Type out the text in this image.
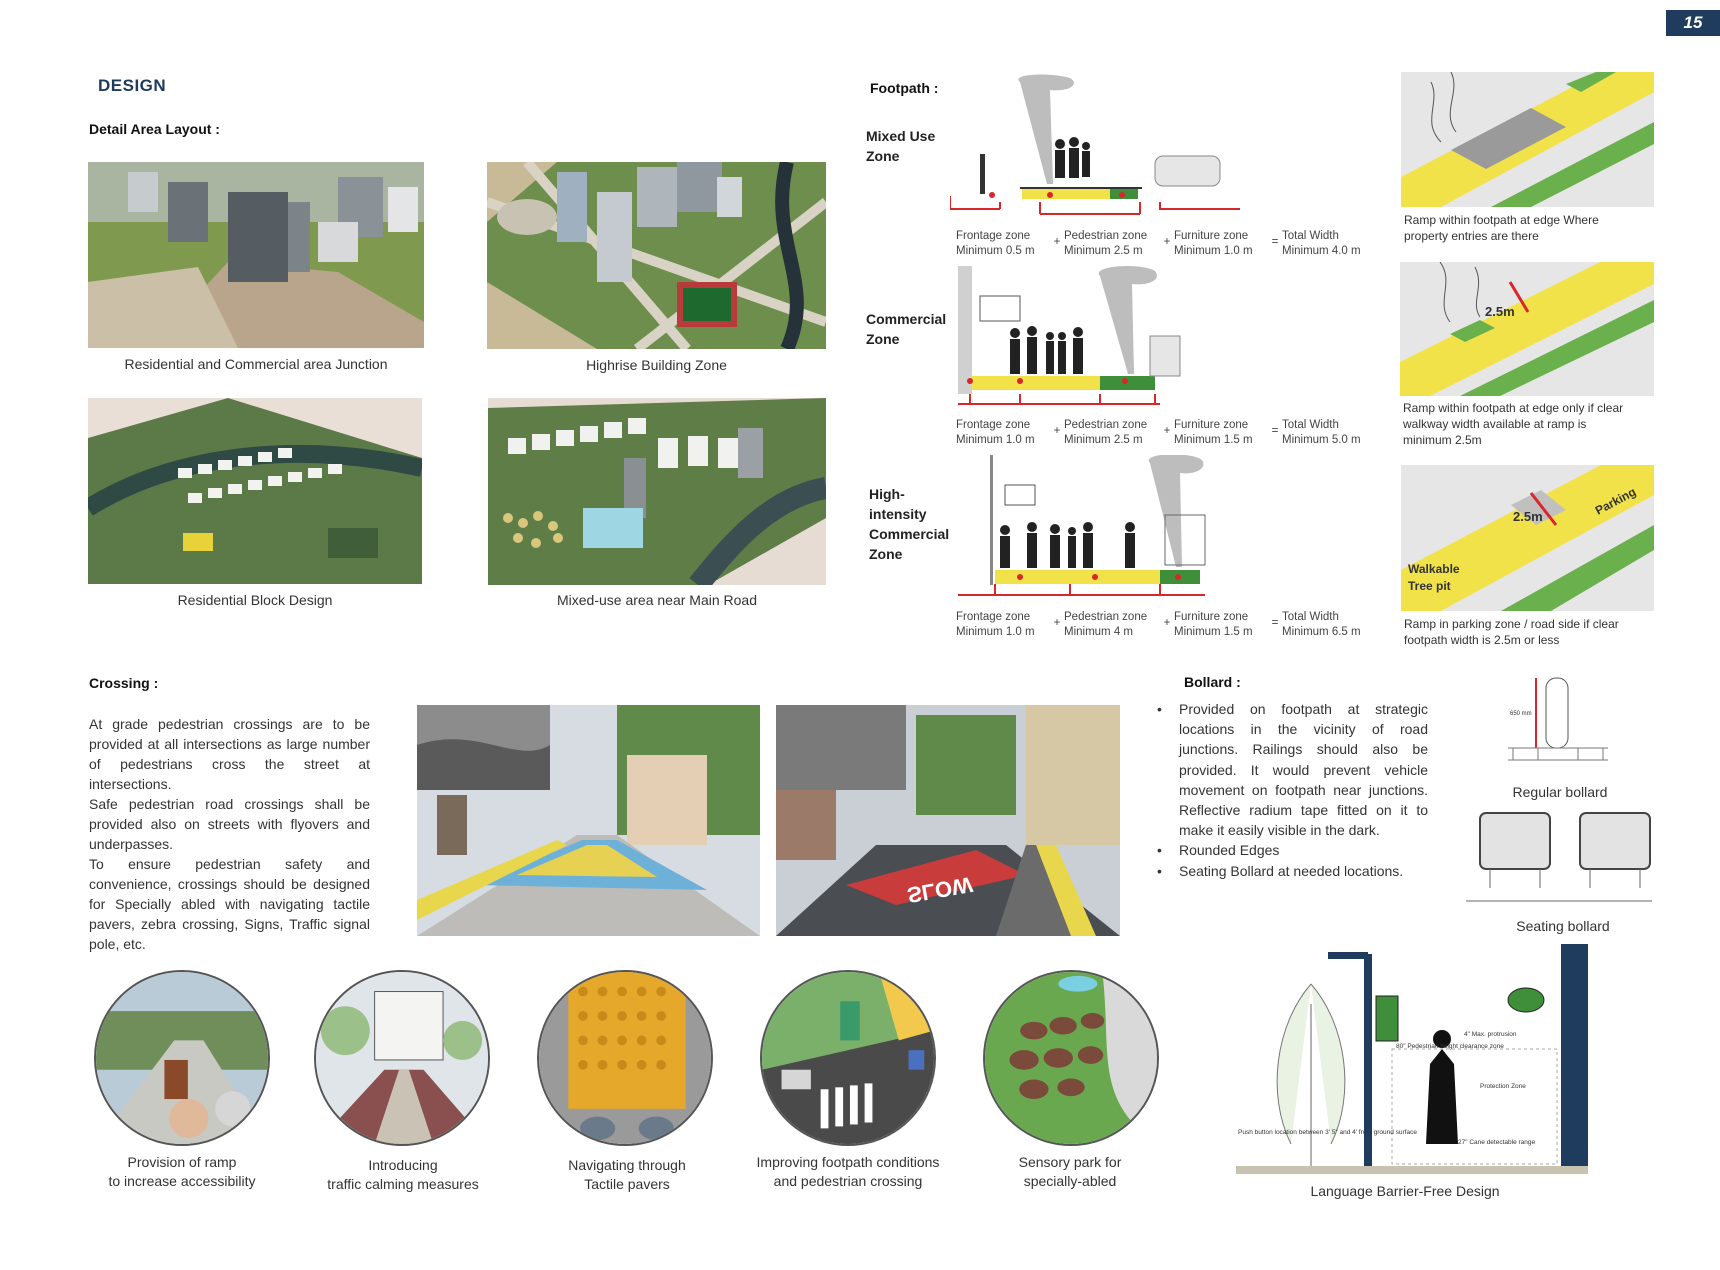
15
DESIGN
Detail Area Layout :
Residential and Commercial area Junction	Highrise Building Zone
Residential Block Design	Mixed-use area near Main Road
Footpath :
Mixed Use
Zone
Frontage zone
Minimum 0.5 m
+ Pedestrian zone
Minimum 2.5 m
+ Furniture zone
Minimum 1.0 m
= Total Width
Minimum 4.0 m
Commercial
Zone
Frontage zone
Minimum 1.0 m
+ Pedestrian zone
Minimum 2.5 m
+ Furniture zone
Minimum 1.5 m
= Total Width
Minimum 5.0 m
High-
intensity
Commercial
Zone
Frontage zone
Minimum 1.0 m
+ Pedestrian zone
Minimum 4 m
+ Furniture zone
Minimum 1.5 m
= Total Width
Minimum 6.5 m
Ramp within footpath at edge Where
property entries are there
2.5m
Ramp within footpath at edge only if clear
walkway width available at ramp is
minimum 2.5m
2.5m	Parking
Walkable
Tree pit
Ramp in parking zone / road side if clear
footpath width is 2.5m or less
Crossing :
At grade pedestrian crossings are to be provided at all intersections as large number of pedestrians cross the street at intersections.
Safe pedestrian road crossings shall be provided also on streets with flyovers and underpasses.
To ensure pedestrian safety and convenience, crossings should be designed for Specially abled with navigating tactile pavers, zebra crossing, Signs, Traffic signal pole, etc.
SLOW
Bollard :
• Provided on footpath at strategic locations in the vicinity of road junctions. Railings should also be provided. It would prevent vehicle movement on footpath near junctions. Reflective radium tape fitted on it to make it easily visible in the dark.
• Rounded Edges
• Seating Bollard at needed locations.
650 mm
Regular bollard
Seating bollard
Provision of ramp
to increase accessibility
Introducing
traffic calming measures
Navigating through
Tactile pavers
Improving footpath conditions
and pedestrian crossing
Sensory park for
specially-abled
4" Max. protrusion
80" Pedestrian height clearance zone
Protection Zone
Push button location between 3' 5" and 4' from ground surface
27" Cane detectable range
Language Barrier-Free Design
